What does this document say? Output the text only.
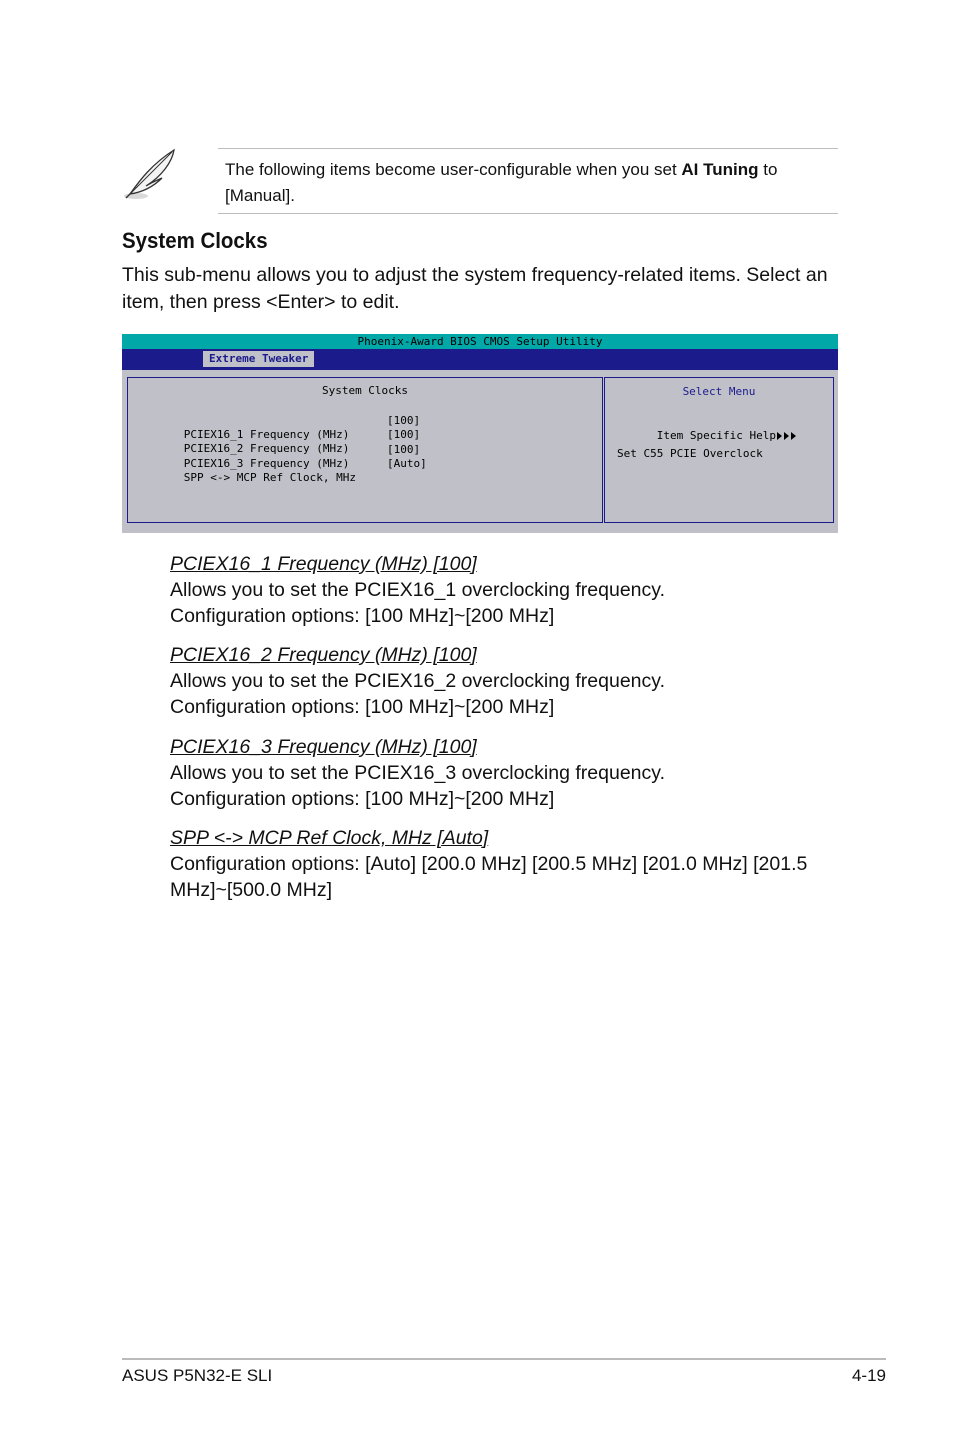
The following items become user-configurable when you set AI Tuning to [Manual].
System Clocks

This sub-menu allows you to adjust the system frequency-related items. Select an item, then press <Enter> to edit.

Phoenix-Award BIOS CMOS Setup Utility
Extreme Tweaker
System Clocks

PCIEX16_1 Frequency (MHz)

[100]

PCIEX16_2 Frequency (MHz)

[100]

PCIEX16_3 Frequency (MHz)

[100]

SPP <-> MCP Ref Clock, MHz

[Auto]

Select Menu

Item Specific Help

Set C55 PCIE Overclock

PCIEX16_1 Frequency (MHz) [100]

Allows you to set the PCIEX16_1 overclocking frequency.

Configuration options: [100 MHz]~[200 MHz]

PCIEX16_2 Frequency (MHz) [100]

Allows you to set the PCIEX16_2 overclocking frequency.

Configuration options: [100 MHz]~[200 MHz]

PCIEX16_3 Frequency (MHz) [100]

Allows you to set the PCIEX16_3 overclocking frequency.

Configuration options: [100 MHz]~[200 MHz]

SPP <-> MCP Ref Clock, MHz [Auto]

Configuration options: [Auto] [200.0 MHz] [200.5 MHz] [201.0 MHz] [201.5 MHz]~[500.0 MHz]

ASUS P5N32-E SLI	4-19
